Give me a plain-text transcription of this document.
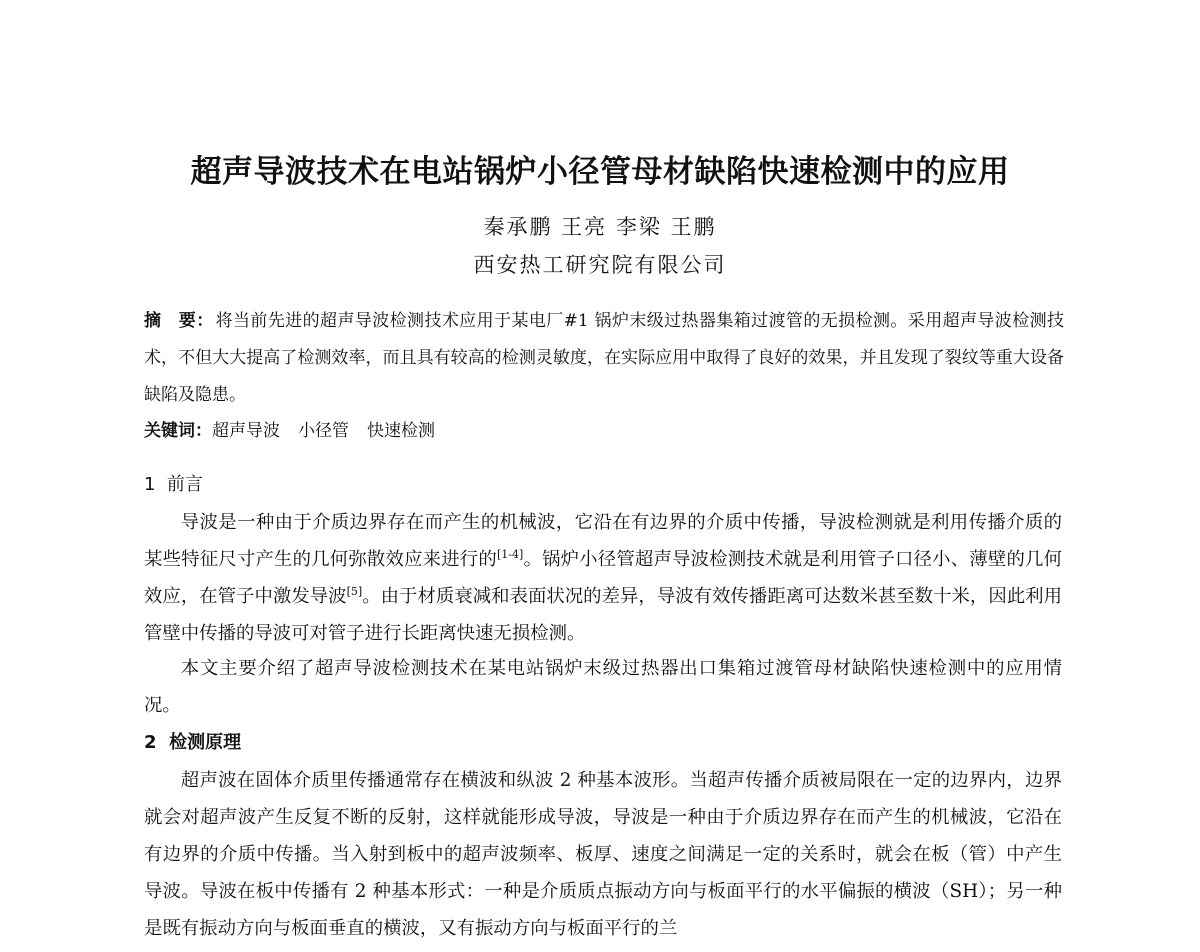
超声导波技术在电站锅炉小径管母材缺陷快速检测中的应用
秦承鹏 王亮 李梁 王鹏
西安热工研究院有限公司
摘　要： 将当前先进的超声导波检测技术应用于某电厂#1 锅炉末级过热器集箱过渡管的无损检测。采用超声导波检测技术，不但大大提高了检测效率，而且具有较高的检测灵敏度，在实际应用中取得了良好的效果，并且发现了裂纹等重大设备缺陷及隐患。
关键词：超声导波 小径管 快速检测
1 前言
导波是一种由于介质边界存在而产生的机械波，它沿在有边界的介质中传播，导波检测就是利用传播介质的某些特征尺寸产生的几何弥散效应来进行的[1-4]。锅炉小径管超声导波检测技术就是利用管子口径小、薄壁的几何效应，在管子中激发导波[5]。由于材质衰减和表面状况的差异，导波有效传播距离可达数米甚至数十米，因此利用管壁中传播的导波可对管子进行长距离快速无损检测。
本文主要介绍了超声导波检测技术在某电站锅炉末级过热器出口集箱过渡管母材缺陷快速检测中的应用情况。
2 检测原理
超声波在固体介质里传播通常存在横波和纵波 2 种基本波形。当超声传播介质被局限在一定的边界内，边界就会对超声波产生反复不断的反射，这样就能形成导波，导波是一种由于介质边界存在而产生的机械波，它沿在有边界的介质中传播。当入射到板中的超声波频率、板厚、速度之间满足一定的关系时，就会在板（管）中产生导波。导波在板中传播有 2 种基本形式：一种是介质质点振动方向与板面平行的水平偏振的横波（SH）；另一种是既有振动方向与板面垂直的横波，又有振动方向与板面平行的兰
